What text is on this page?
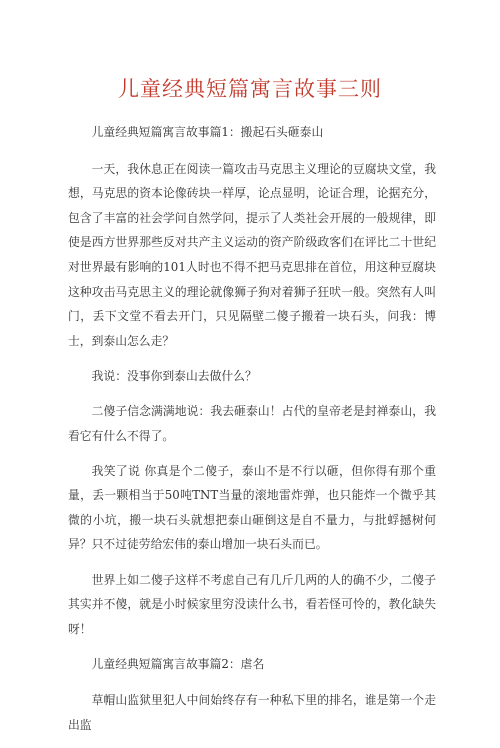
儿童经典短篇寓言故事三则

儿童经典短篇寓言故事篇1：搬起石头砸泰山

一天，我休息正在阅读一篇攻击马克思主义理论的豆腐块文堂，我想，马克思的资本论像砖块一样厚，论点显明，论证合理，论据充分，包含了丰富的社会学问自然学问，提示了人类社会开展的一般规律，即使是西方世界那些反对共产主义运动的资产阶级政客们在评比二十世纪对世界最有影响的101人时也不得不把马克思排在首位，用这种豆腐块这种攻击马克思主义的理论就像狮子狗对着狮子狂吠一般。突然有人叫门，丢下文堂不看去开门，只见隔壁二傻子搬着一块石头，问我：博士，到泰山怎么走？

我说：没事你到泰山去做什么？

二傻子信念满满地说：我去砸泰山！占代的皇帝老是封禅泰山，我看它有什么不得了。

我笑了说 你真是个二傻子，泰山不是不行以砸，但你得有那个重量，丢一颗相当于50吨TNT当量的滚地雷炸弹，也只能炸一个微乎其微的小坑，搬一块石头就想把泰山砸倒这是自不量力，与批蜉撼树何异？只不过徒劳给宏伟的泰山增加一块石头而已。

世界上如二傻子这样不考虑自己有几斤几两的人的确不少，二傻子其实并不傻，就是小时候家里穷没读什么书，看若怪可怜的，教化缺失呀！

儿童经典短篇寓言故事篇2：虐名

草帽山监狱里犯人中间始终存有一种私下里的排名，谁是第一个走出监
